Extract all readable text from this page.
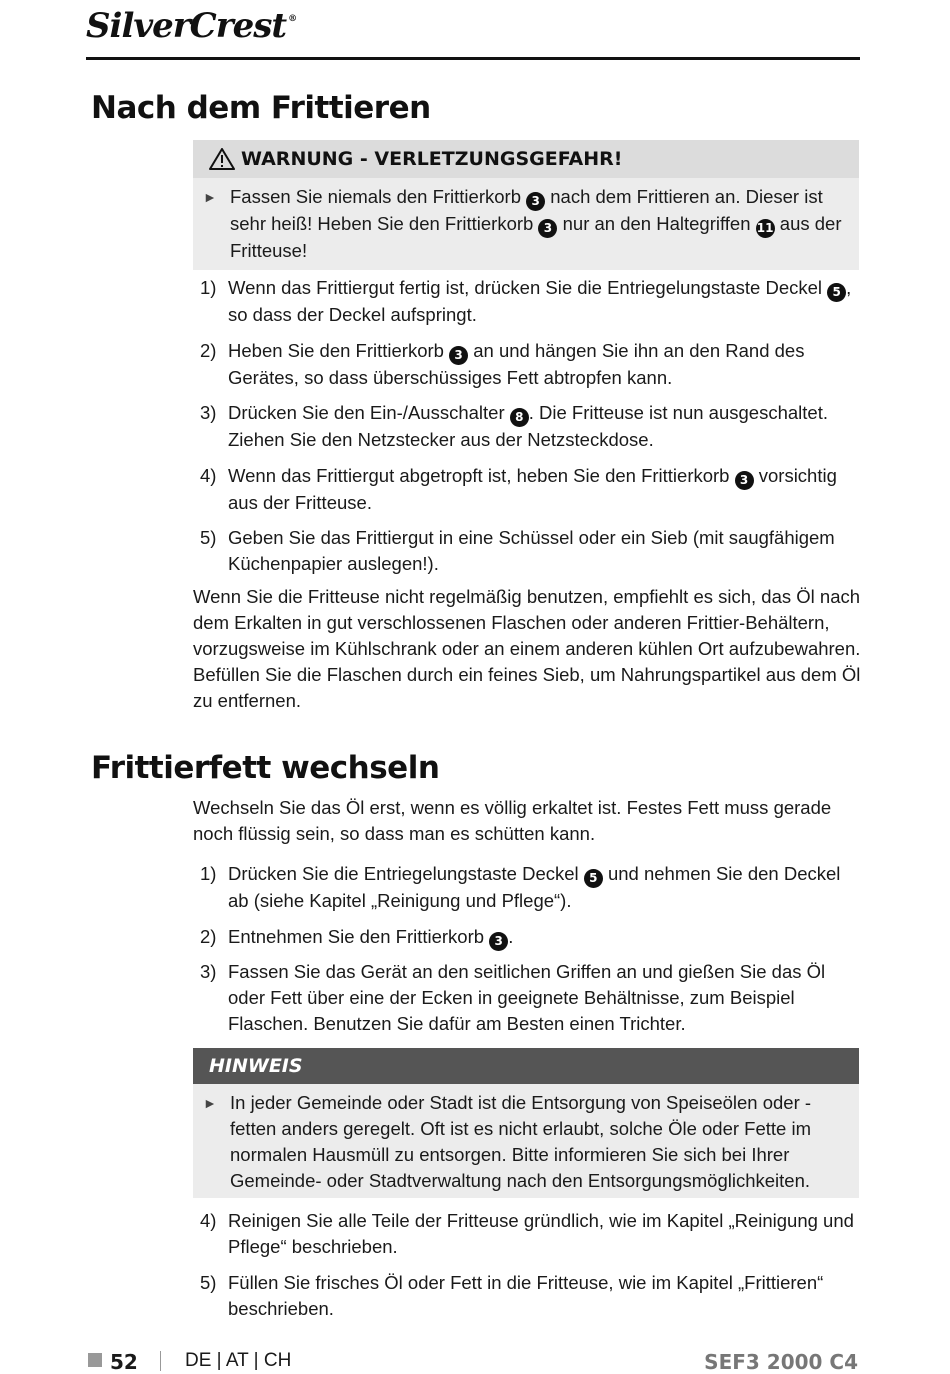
SilverCrest ®
Nach dem Frittieren
WARNUNG - VERLETZUNGSGEFAHR!
► Fassen Sie niemals den Frittierkorb 3 nach dem Frittieren an. Dieser ist sehr heiß! Heben Sie den Frittierkorb 3 nur an den Haltegriffen 11 aus der Fritteuse!
1) Wenn das Frittiergut fertig ist, drücken Sie die Entriegelungstaste Deckel 5 , so dass der Deckel aufspringt.
2) Heben Sie den Frittierkorb 3 an und hängen Sie ihn an den Rand des Gerätes, so dass überschüssiges Fett abtropfen kann.
3) Drücken Sie den Ein-/Ausschalter 8 . Die Fritteuse ist nun ausgeschaltet. Ziehen Sie den Netzstecker aus der Netzsteckdose.
4) Wenn das Frittiergut abgetropft ist, heben Sie den Frittierkorb 3 vorsichtig aus der Fritteuse.
5) Geben Sie das Frittiergut in eine Schüssel oder ein Sieb (mit saugfähigem Küchenpapier auslegen!).
Wenn Sie die Fritteuse nicht regelmäßig benutzen, empfiehlt es sich, das Öl nach dem Erkalten in gut verschlossenen Flaschen oder anderen Frittier-Behältern, vorzugsweise im Kühlschrank oder an einem anderen kühlen Ort aufzubewahren. Befüllen Sie die Flaschen durch ein feines Sieb, um Nahrungspartikel aus dem Öl zu entfernen.
Frittierfett wechseln
Wechseln Sie das Öl erst, wenn es völlig erkaltet ist. Festes Fett muss gerade noch flüssig sein, so dass man es schütten kann.
1) Drücken Sie die Entriegelungstaste Deckel 5 und nehmen Sie den Deckel ab (siehe Kapitel „Reinigung und Pflege“).
2) Entnehmen Sie den Frittierkorb 3 .
3) Fassen Sie das Gerät an den seitlichen Griffen an und gießen Sie das Öl oder Fett über eine der Ecken in geeignete Behältnisse, zum Beispiel Flaschen. Benutzen Sie dafür am Besten einen Trichter.
HINWEIS
► In jeder Gemeinde oder Stadt ist die Entsorgung von Speiseölen oder -fetten anders geregelt. Oft ist es nicht erlaubt, solche Öle oder Fette im normalen Hausmüll zu entsorgen. Bitte informieren Sie sich bei Ihrer Gemeinde- oder Stadtverwaltung nach den Entsorgungsmöglichkeiten.
4) Reinigen Sie alle Teile der Fritteuse gründlich, wie im Kapitel „Reinigung und Pflege“ beschrieben.
5) Füllen Sie frisches Öl oder Fett in die Fritteuse, wie im Kapitel „Frittieren“ beschrieben.
52 DE | AT | CH	SEF3 2000 C4
